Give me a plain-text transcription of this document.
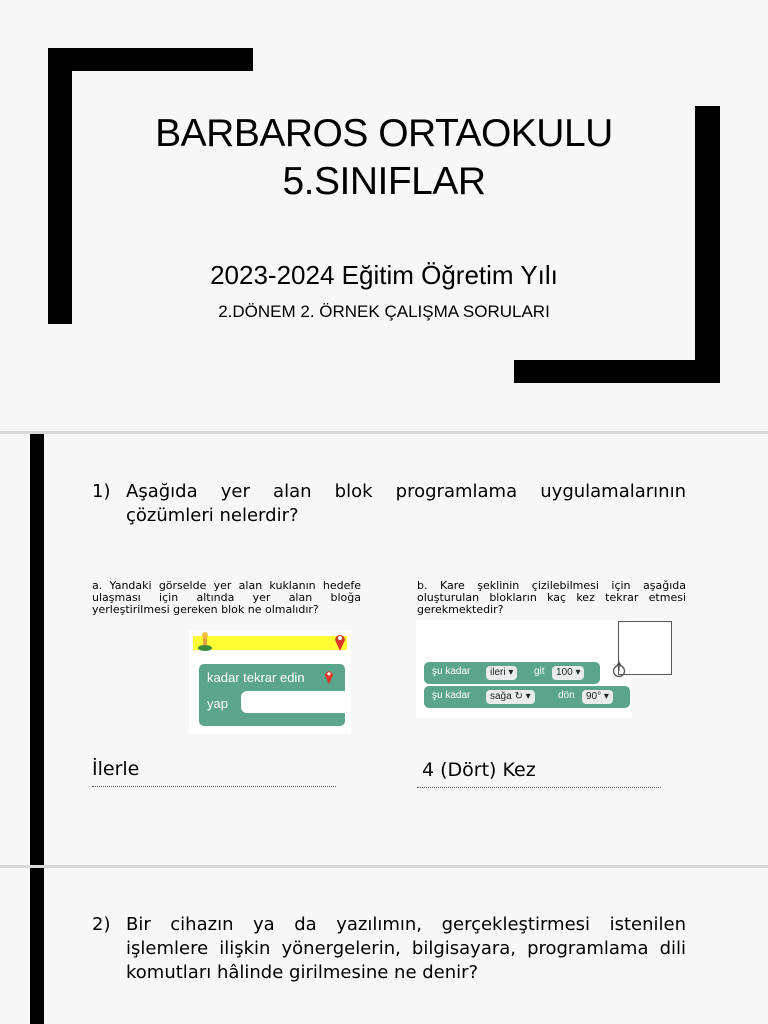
BARBAROS ORTAOKULU
5.SINIFLAR
2023-2024 Eğitim Öğretim Yılı
2.DÖNEM 2. ÖRNEK ÇALIŞMA SORULARI
1) Aşağıda yer alan blok programlama uygulamalarının çözümleri nelerdir?
a. Yandaki görselde yer alan kuklanın hedefe ulaşması için altında yer alan bloğa yerleştirilmesi gereken blok ne olmalıdır?
b. Kare şeklinin çizilebilmesi için aşağıda oluşturulan blokların kaç kez tekrar etmesi gerekmektedir?
kadar tekrar edin
yap
şu kadar	ileri ▾	git	100 ▾
şu kadar	sağa ↻ ▾	dön	90° ▾
İlerle	4 (Dört) Kez
2) Bir cihazın ya da yazılımın, gerçekleştirmesi istenilen işlemlere ilişkin yönergelerin, bilgisayara, programlama dili komutları hâlinde girilmesine ne denir?
